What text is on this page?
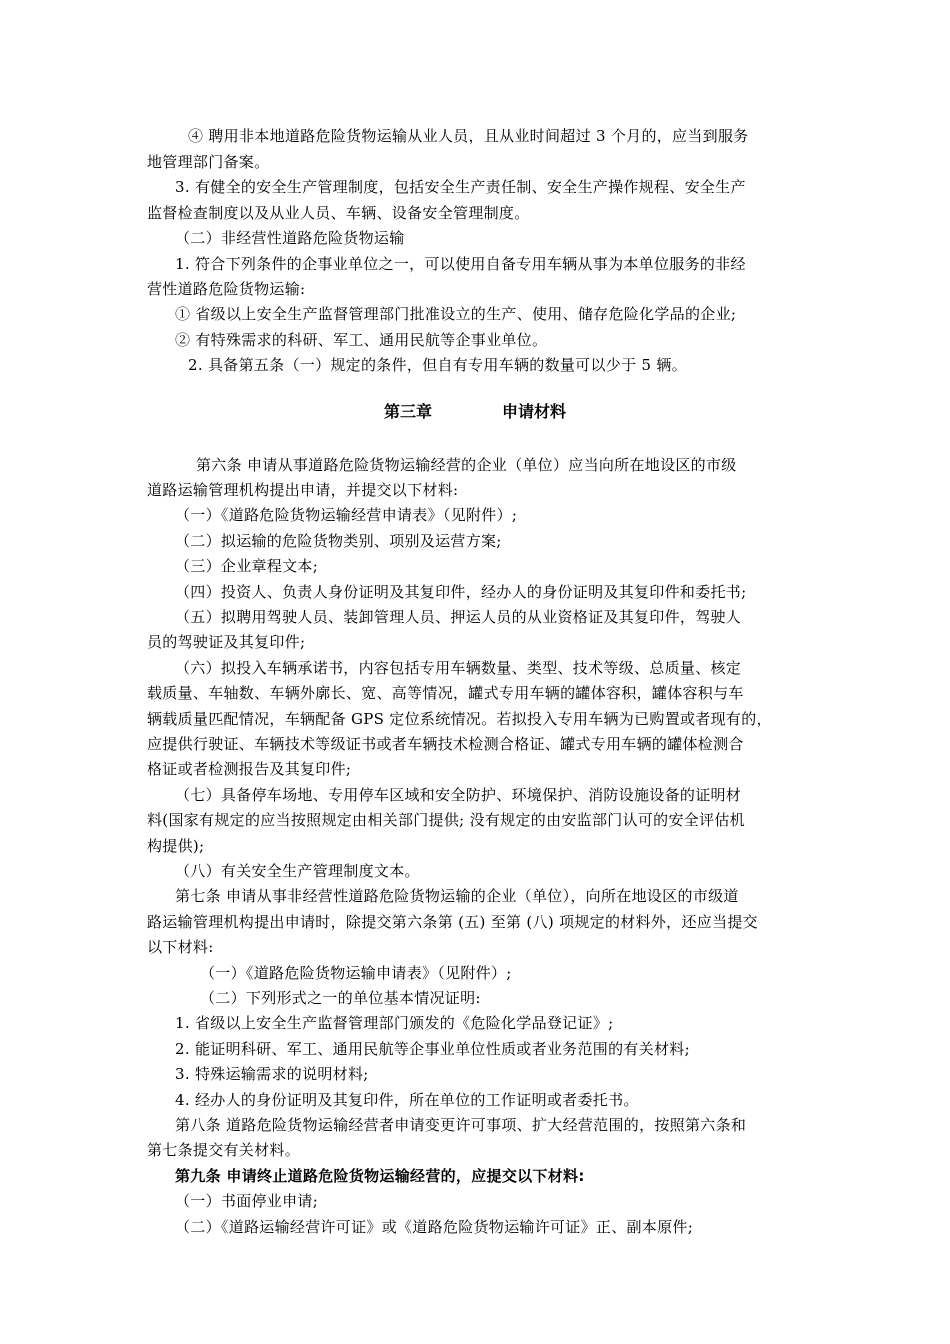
④ 聘用非本地道路危险货物运输从业人员，且从业时间超过 3 个月的，应当到服务
地管理部门备案。
3. 有健全的安全生产管理制度，包括安全生产责任制、安全生产操作规程、安全生产
监督检查制度以及从业人员、车辆、设备安全管理制度。
（二）非经营性道路危险货物运输
1. 符合下列条件的企事业单位之一，可以使用自备专用车辆从事为本单位服务的非经
营性道路危险货物运输:
① 省级以上安全生产监督管理部门批准设立的生产、使用、储存危险化学品的企业;
② 有特殊需求的科研、军工、通用民航等企事业单位。
2. 具备第五条（一）规定的条件，但自有专用车辆的数量可以少于 5 辆。
第三章	申请材料
第六条 申请从事道路危险货物运输经营的企业（单位）应当向所在地设区的市级
道路运输管理机构提出申请，并提交以下材料:
（一）《道路危险货物运输经营申请表》（见附件）;
（二）拟运输的危险货物类别、项别及运营方案;
（三）企业章程文本;
（四）投资人、负责人身份证明及其复印件，经办人的身份证明及其复印件和委托书;
（五）拟聘用驾驶人员、装卸管理人员、押运人员的从业资格证及其复印件，驾驶人
员的驾驶证及其复印件;
（六）拟投入车辆承诺书，内容包括专用车辆数量、类型、技术等级、总质量、核定
载质量、车轴数、车辆外廓长、宽、高等情况，罐式专用车辆的罐体容积，罐体容积与车
辆载质量匹配情况，车辆配备 GPS 定位系统情况。若拟投入专用车辆为已购置或者现有的，
应提供行驶证、车辆技术等级证书或者车辆技术检测合格证、罐式专用车辆的罐体检测合
格证或者检测报告及其复印件;
（七）具备停车场地、专用停车区域和安全防护、环境保护、消防设施设备的证明材
料(国家有规定的应当按照规定由相关部门提供; 没有规定的由安监部门认可的安全评估机
构提供);
（八）有关安全生产管理制度文本。
第七条 申请从事非经营性道路危险货物运输的企业（单位），向所在地设区的市级道
路运输管理机构提出申请时，除提交第六条第 (五) 至第 (八) 项规定的材料外，还应当提交
以下材料:
（一）《道路危险货物运输申请表》（见附件）;
（二）下列形式之一的单位基本情况证明:
1. 省级以上安全生产监督管理部门颁发的《危险化学品登记证》;
2. 能证明科研、军工、通用民航等企事业单位性质或者业务范围的有关材料;
3. 特殊运输需求的说明材料;
4. 经办人的身份证明及其复印件，所在单位的工作证明或者委托书。
第八条 道路危险货物运输经营者申请变更许可事项、扩大经营范围的，按照第六条和
第七条提交有关材料。
第九条 申请终止道路危险货物运输经营的，应提交以下材料:
（一）书面停业申请;
（二）《道路运输经营许可证》或《道路危险货物运输许可证》正、副本原件;
